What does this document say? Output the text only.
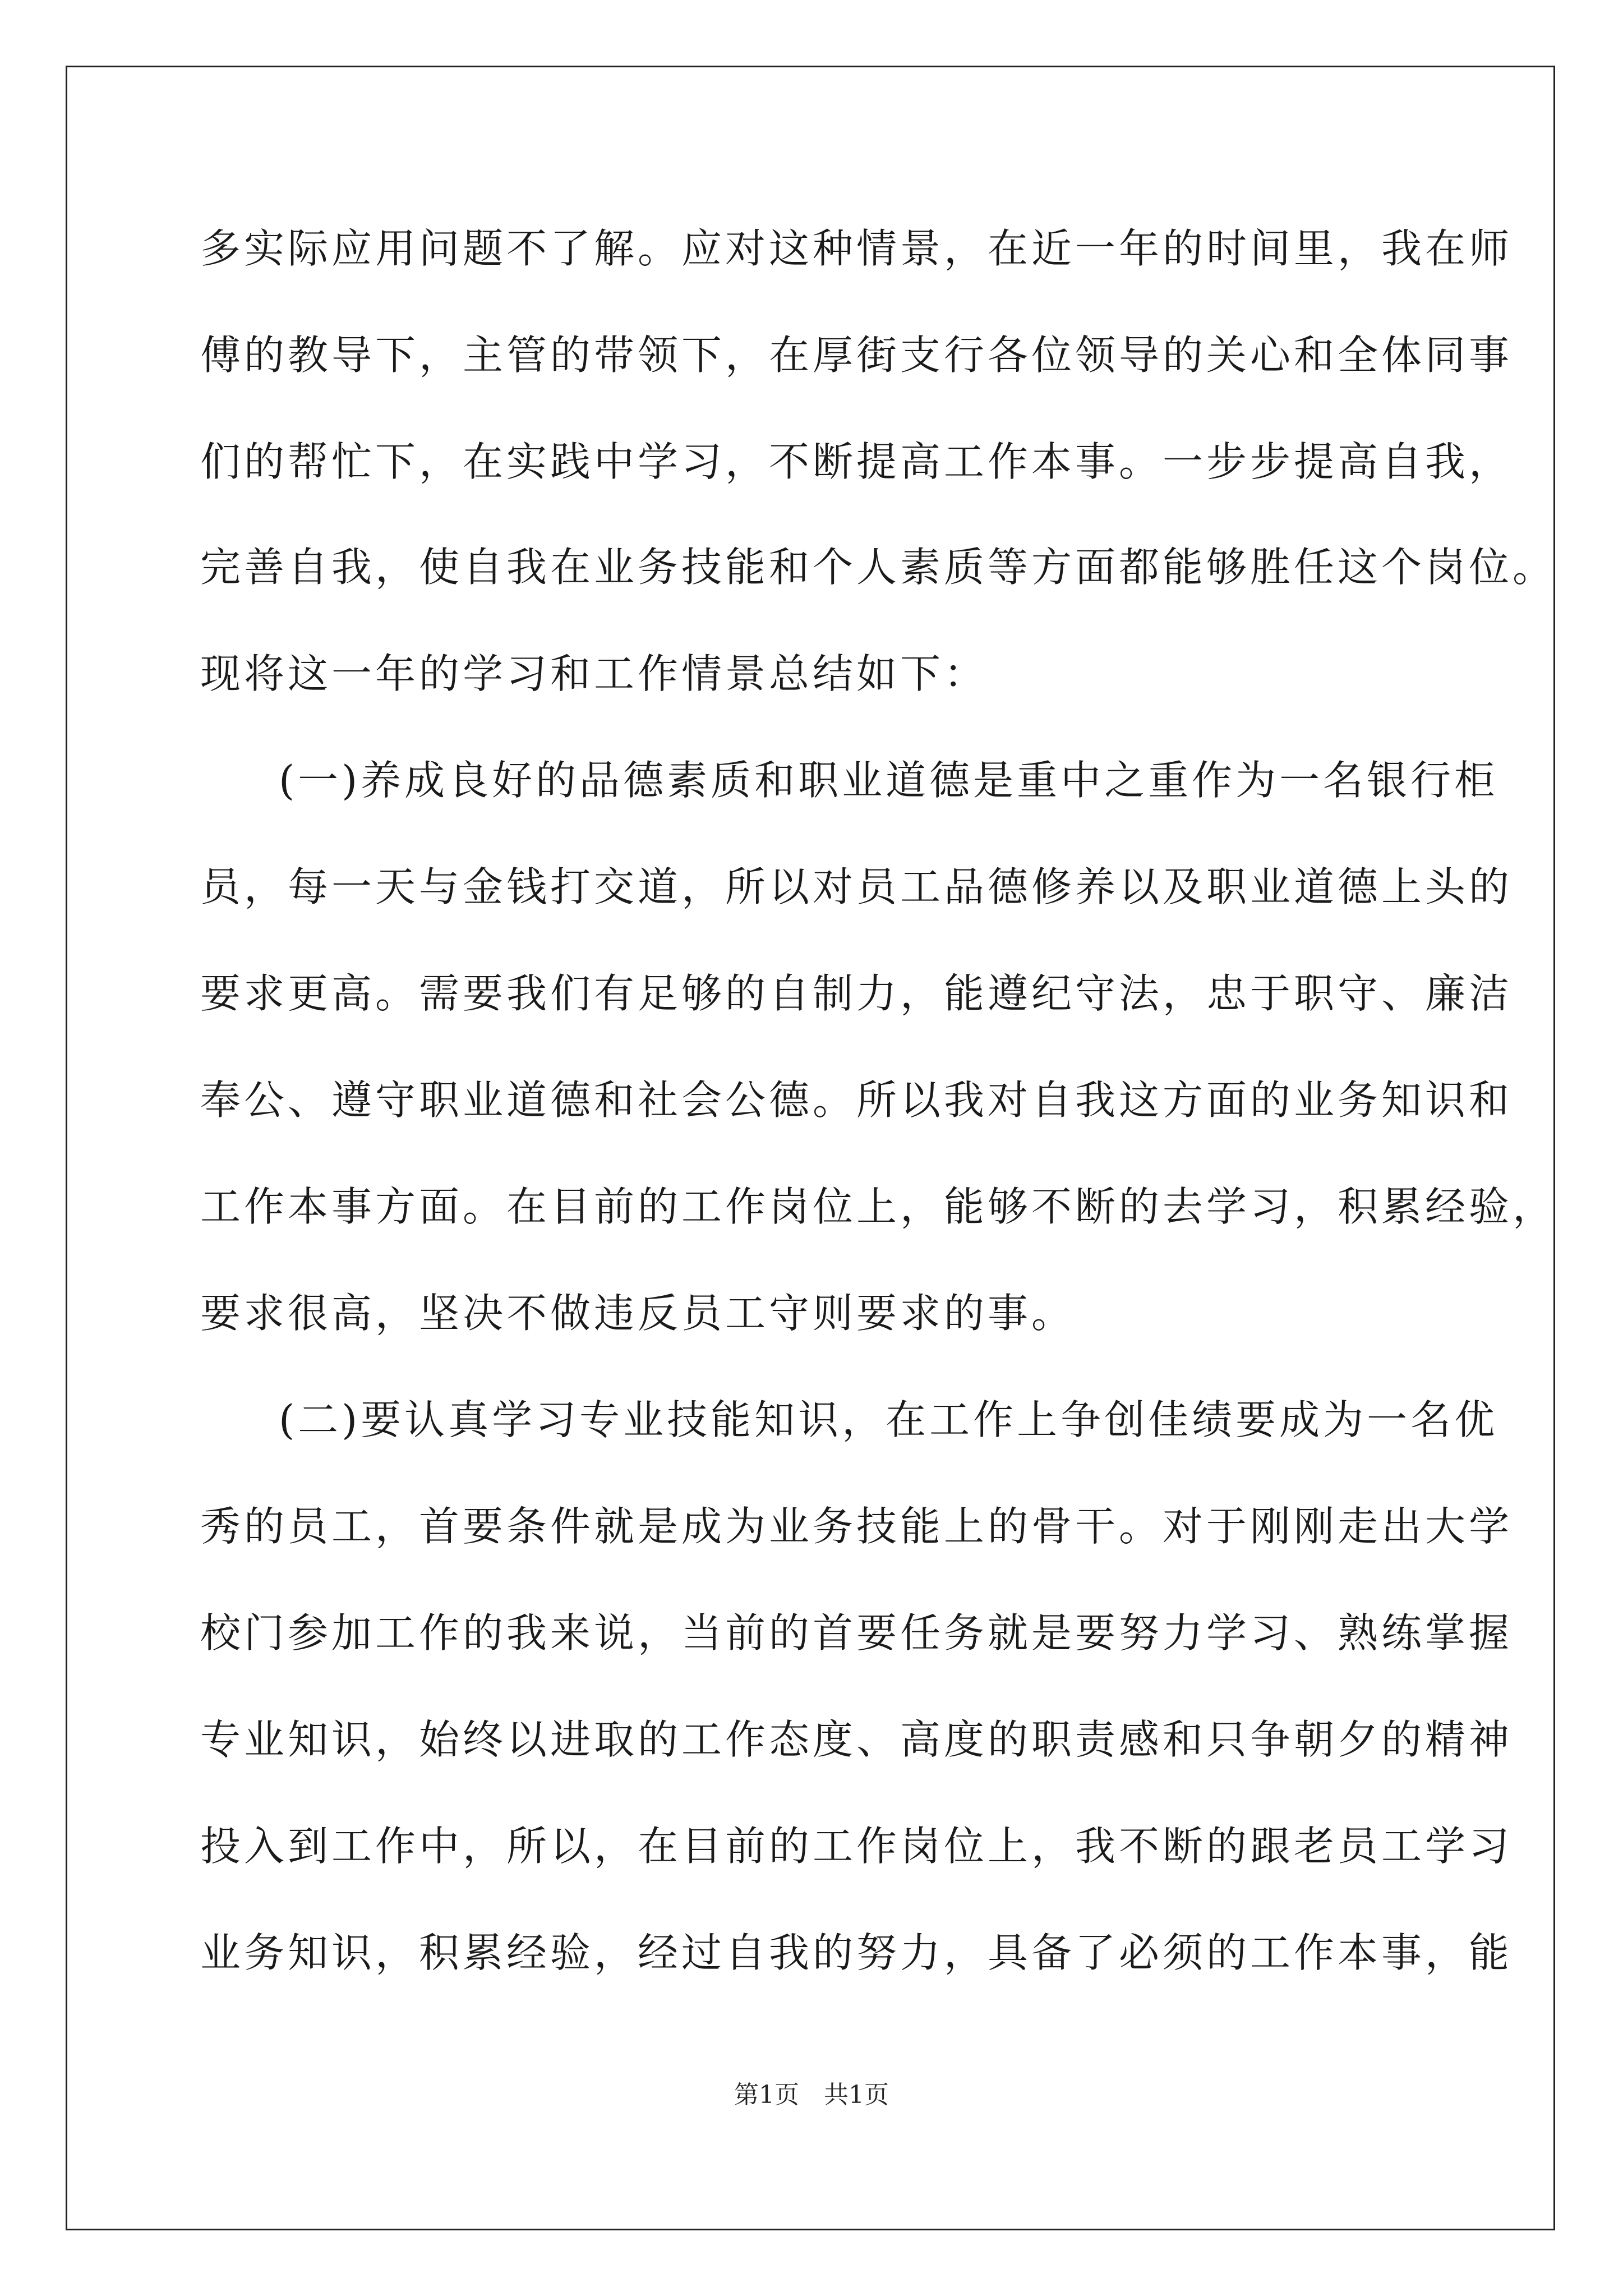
多实际应用问题不了解。应对这种情景，在近一年的时间里，我在师
傅的教导下，主管的带领下，在厚街支行各位领导的关心和全体同事
们的帮忙下，在实践中学习，不断提高工作本事。一步步提高自我，
完善自我，使自我在业务技能和个人素质等方面都能够胜任这个岗位。
现将这一年的学习和工作情景总结如下：
(一)养成良好的品德素质和职业道德是重中之重作为一名银行柜
员，每一天与金钱打交道，所以对员工品德修养以及职业道德上头的
要求更高。需要我们有足够的自制力，能遵纪守法，忠于职守、廉洁
奉公、遵守职业道德和社会公德。所以我对自我这方面的业务知识和
工作本事方面。在目前的工作岗位上，能够不断的去学习，积累经验，
要求很高，坚决不做违反员工守则要求的事。
(二)要认真学习专业技能知识，在工作上争创佳绩要成为一名优
秀的员工，首要条件就是成为业务技能上的骨干。对于刚刚走出大学
校门参加工作的我来说，当前的首要任务就是要努力学习、熟练掌握
专业知识，始终以进取的工作态度、高度的职责感和只争朝夕的精神
投入到工作中，所以，在目前的工作岗位上，我不断的跟老员工学习
业务知识，积累经验，经过自我的努力，具备了必须的工作本事，能
第1页　共1页
